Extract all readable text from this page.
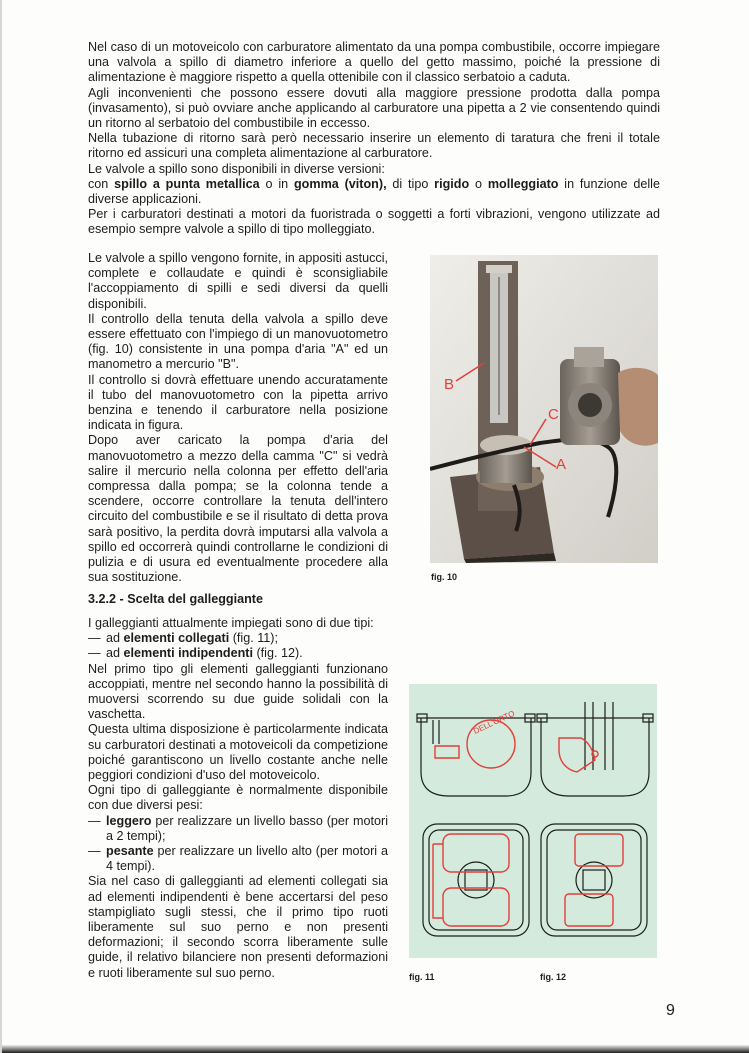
Nel caso di un motoveicolo con carburatore alimentato da una pompa combustibile, occorre impiegare una valvola a spillo di diametro inferiore a quello del getto massimo, poiché la pressione di alimentazione è maggiore rispetto a quella ottenibile con il classico serbatoio a caduta.

Agli inconvenienti che possono essere dovuti alla maggiore pressione prodotta dalla pompa (invasamento), si può ovviare anche applicando al carburatore una pipetta a 2 vie consentendo quindi un ritorno al serbatoio del combustibile in eccesso.

Nella tubazione di ritorno sarà però necessario inserire un elemento di taratura che freni il totale ritorno ed assicuri una completa alimentazione al carburatore.

Le valvole a spillo sono disponibili in diverse versioni:

con spillo a punta metallica o in gomma (viton), di tipo rigido o molleggiato in funzione delle diverse applicazioni.

Per i carburatori destinati a motori da fuoristrada o soggetti a forti vibrazioni, vengono utilizzate ad esempio sempre valvole a spillo di tipo molleggiato.

Le valvole a spillo vengono fornite, in appositi astucci, complete e collaudate e quindi è sconsigliabile l'accoppiamento di spilli e sedi diversi da quelli disponibili.

Il controllo della tenuta della valvola a spillo deve essere effettuato con l'impiego di un manovuotometro (fig. 10) consistente in una pompa d'aria "A" ed un manometro a mercurio "B".

Il controllo si dovrà effettuare unendo accuratamente il tubo del manovuotometro con la pipetta arrivo benzina e tenendo il carburatore nella posizione indicata in figura.

Dopo aver caricato la pompa d'aria del manovuotometro a mezzo della camma "C" si vedrà salire il mercurio nella colonna per effetto dell'aria compressa dalla pompa; se la colonna tende a scendere, occorre controllare la tenuta dell'intero circuito del combustibile e se il risultato di detta prova sarà positivo, la perdita dovrà imputarsi alla valvola a spillo ed occorrerà quindi controllarne le condizioni di pulizia e di usura ed eventualmente procedere alla sua sostituzione.

B
C
A
fig. 10
3.2.2 - Scelta del galleggiante

I galleggianti attualmente impiegati sono di due tipi:

— ad elementi collegati (fig. 11);
— ad elementi indipendenti (fig. 12).

Nel primo tipo gli elementi galleggianti funzionano accoppiati, mentre nel secondo hanno la possibilità di muoversi scorrendo su due guide solidali con la vaschetta.

Questa ultima disposizione è particolarmente indicata su carburatori destinati a motoveicoli da competizione poiché garantiscono un livello costante anche nelle peggiori condizioni d'uso del motoveicolo.

Ogni tipo di galleggiante è normalmente disponibile con due diversi pesi:

— leggero per realizzare un livello basso (per motori a 2 tempi);
— pesante per realizzare un livello alto (per motori a 4 tempi).

Sia nel caso di galleggianti ad elementi collegati sia ad elementi indipendenti è bene accertarsi del peso stampigliato sugli stessi, che il primo tipo ruoti liberamente sul suo perno e non presenti deformazioni; il secondo scorra liberamente sulle guide, il relativo bilanciere non presenti deformazioni e ruoti liberamente sul suo perno.

DELL'ORTO
fig. 11	fig. 12
9
